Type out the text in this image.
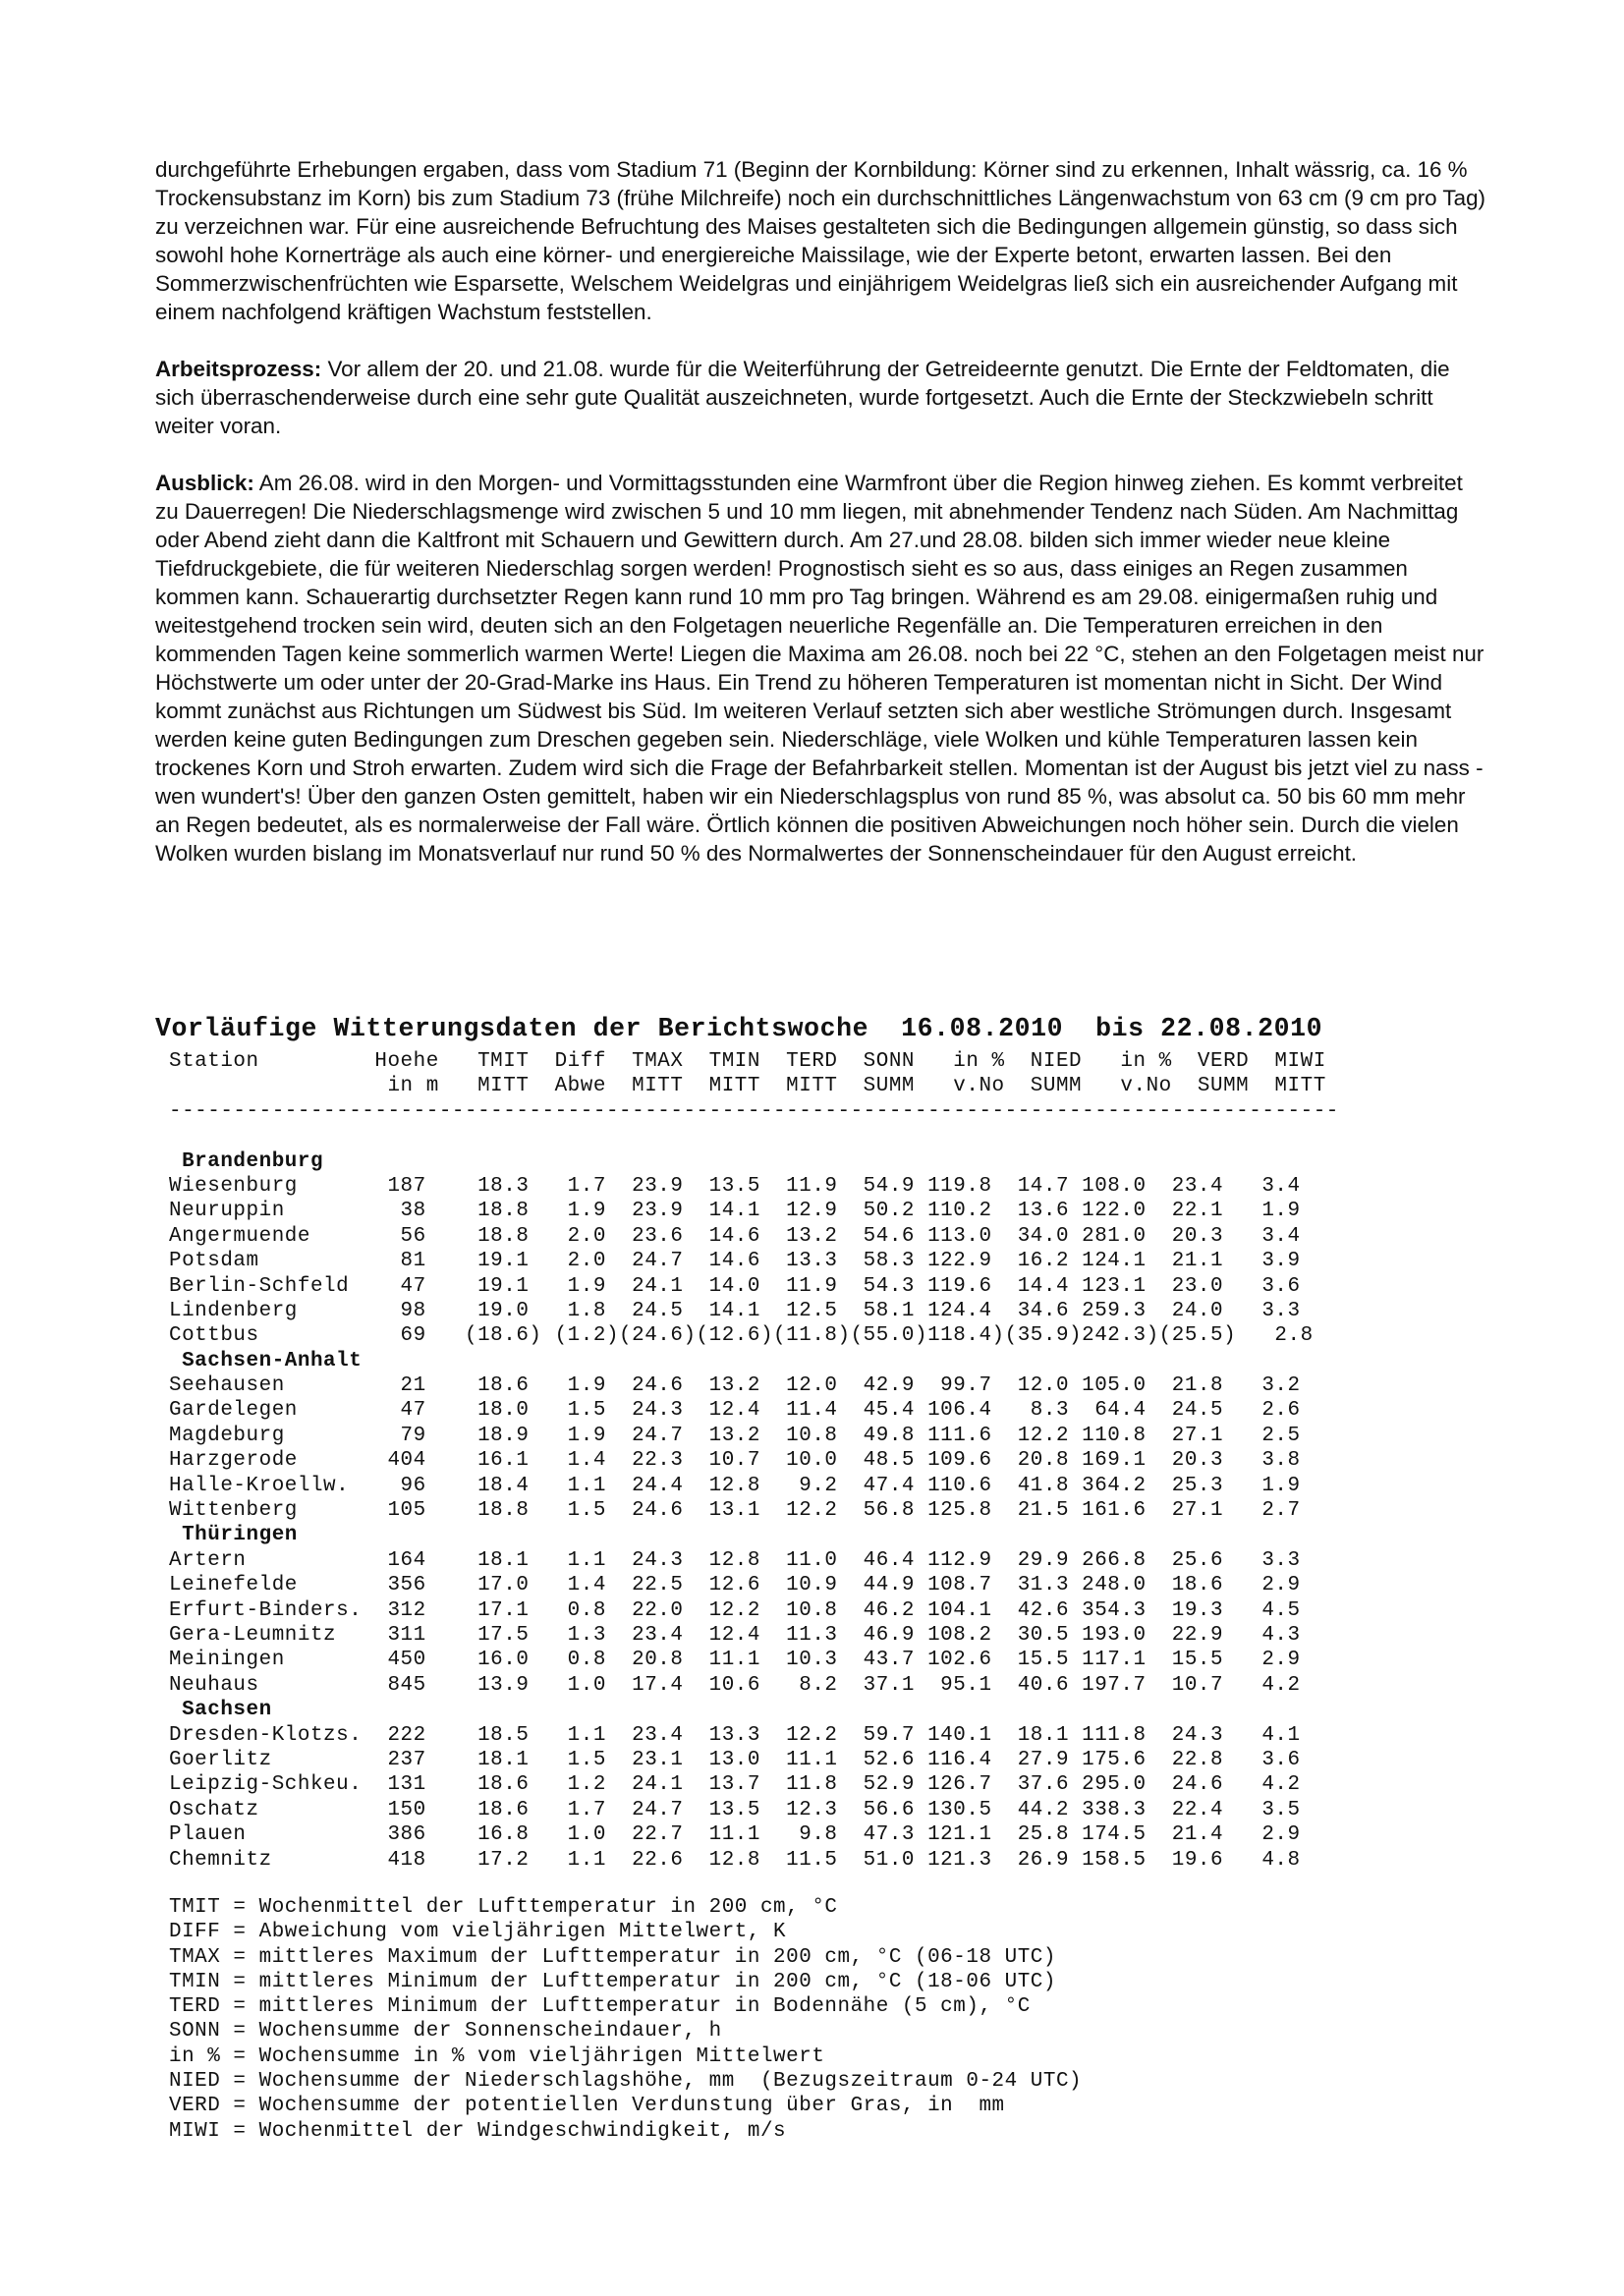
durchgeführte Erhebungen ergaben, dass vom Stadium 71 (Beginn der Kornbildung: Körner sind zu erkennen, Inhalt wässrig, ca. 16 % Trockensubstanz im Korn) bis zum Stadium 73 (frühe Milchreife) noch ein durchschnittliches Längenwachstum von 63 cm (9 cm pro Tag) zu verzeichnen war. Für eine ausreichende Befruchtung des Maises gestalteten sich die Bedingungen allgemein günstig, so dass sich sowohl hohe Kornerträge als auch eine körner- und energiereiche Maissilage, wie der Experte betont, erwarten lassen. Bei den Sommerzwischenfrüchten wie Esparsette, Welschem Weidelgras und einjährigem Weidelgras ließ sich ein ausreichender Aufgang mit einem nachfolgend kräftigen Wachstum feststellen.

Arbeitsprozess: Vor allem der 20. und 21.08. wurde für die Weiterführung der Getreideernte genutzt. Die Ernte der Feldtomaten, die sich überraschenderweise durch eine sehr gute Qualität auszeichneten, wurde fortgesetzt. Auch die Ernte der Steckzwiebeln schritt weiter voran.

Ausblick: Am 26.08. wird in den Morgen- und Vormittagsstunden eine Warmfront über die Region hinweg ziehen. Es kommt verbreitet zu Dauerregen! Die Niederschlagsmenge wird zwischen 5 und 10 mm liegen, mit abnehmender Tendenz nach Süden. Am Nachmittag oder Abend zieht dann die Kaltfront mit Schauern und Gewittern durch. Am 27.und 28.08. bilden sich immer wieder neue kleine Tiefdruckgebiete, die für weiteren Niederschlag sorgen werden! Prognostisch sieht es so aus, dass einiges an Regen zusammen kommen kann. Schauerartig durchsetzter Regen kann rund 10 mm pro Tag bringen. Während es am 29.08. einigermaßen ruhig und weitestgehend trocken sein wird, deuten sich an den Folgetagen neuerliche Regenfälle an. Die Temperaturen erreichen in den kommenden Tagen keine sommerlich warmen Werte! Liegen die Maxima am 26.08. noch bei 22 °C, stehen an den Folgetagen meist nur Höchstwerte um oder unter der 20-Grad-Marke ins Haus. Ein Trend zu höheren Temperaturen ist momentan nicht in Sicht. Der Wind kommt zunächst aus Richtungen um Südwest bis Süd. Im weiteren Verlauf setzten sich aber westliche Strömungen durch. Insgesamt werden keine guten Bedingungen zum Dreschen gegeben sein. Niederschläge, viele Wolken und kühle Temperaturen lassen kein trockenes Korn und Stroh erwarten. Zudem wird sich die Frage der Befahrbarkeit stellen. Momentan ist der August bis jetzt viel zu nass - wen wundert's! Über den ganzen Osten gemittelt, haben wir ein Niederschlagsplus von rund 85 %, was absolut ca. 50 bis 60 mm mehr an Regen bedeutet, als es normalerweise der Fall wäre. Örtlich können die positiven Abweichungen noch höher sein. Durch die vielen Wolken wurden bislang im Monatsverlauf nur rund 50 % des Normalwertes der Sonnenscheindauer für den August erreicht.

Vorläufige Witterungsdaten der Berichtswoche  16.08.2010  bis 22.08.2010
Station         Hoehe   TMIT  Diff  TMAX  TMIN  TERD  SONN   in %  NIED   in %  VERD  MIWI
in m   MITT  Abwe  MITT  MITT  MITT  SUMM   v.No  SUMM   v.No  SUMM  MITT
-------------------------------------------------------------------------------------------

Brandenburg
Wiesenburg       187    18.3   1.7  23.9  13.5  11.9  54.9 119.8  14.7 108.0  23.4   3.4
Neuruppin         38    18.8   1.9  23.9  14.1  12.9  50.2 110.2  13.6 122.0  22.1   1.9
Angermuende       56    18.8   2.0  23.6  14.6  13.2  54.6 113.0  34.0 281.0  20.3   3.4
Potsdam           81    19.1   2.0  24.7  14.6  13.3  58.3 122.9  16.2 124.1  21.1   3.9
Berlin-Schfeld    47    19.1   1.9  24.1  14.0  11.9  54.3 119.6  14.4 123.1  23.0   3.6
Lindenberg        98    19.0   1.8  24.5  14.1  12.5  58.1 124.4  34.6 259.3  24.0   3.3
Cottbus           69   (18.6) (1.2)(24.6)(12.6)(11.8)(55.0)118.4)(35.9)242.3)(25.5)   2.8
Sachsen-Anhalt
Seehausen         21    18.6   1.9  24.6  13.2  12.0  42.9  99.7  12.0 105.0  21.8   3.2
Gardelegen        47    18.0   1.5  24.3  12.4  11.4  45.4 106.4   8.3  64.4  24.5   2.6
Magdeburg         79    18.9   1.9  24.7  13.2  10.8  49.8 111.6  12.2 110.8  27.1   2.5
Harzgerode       404    16.1   1.4  22.3  10.7  10.0  48.5 109.6  20.8 169.1  20.3   3.8
Halle-Kroellw.    96    18.4   1.1  24.4  12.8   9.2  47.4 110.6  41.8 364.2  25.3   1.9
Wittenberg       105    18.8   1.5  24.6  13.1  12.2  56.8 125.8  21.5 161.6  27.1   2.7
Thüringen
Artern           164    18.1   1.1  24.3  12.8  11.0  46.4 112.9  29.9 266.8  25.6   3.3
Leinefelde       356    17.0   1.4  22.5  12.6  10.9  44.9 108.7  31.3 248.0  18.6   2.9
Erfurt-Binders.  312    17.1   0.8  22.0  12.2  10.8  46.2 104.1  42.6 354.3  19.3   4.5
Gera-Leumnitz    311    17.5   1.3  23.4  12.4  11.3  46.9 108.2  30.5 193.0  22.9   4.3
Meiningen        450    16.0   0.8  20.8  11.1  10.3  43.7 102.6  15.5 117.1  15.5   2.9
Neuhaus          845    13.9   1.0  17.4  10.6   8.2  37.1  95.1  40.6 197.7  10.7   4.2
Sachsen
Dresden-Klotzs.  222    18.5   1.1  23.4  13.3  12.2  59.7 140.1  18.1 111.8  24.3   4.1
Goerlitz         237    18.1   1.5  23.1  13.0  11.1  52.6 116.4  27.9 175.6  22.8   3.6
Leipzig-Schkeu.  131    18.6   1.2  24.1  13.7  11.8  52.9 126.7  37.6 295.0  24.6   4.2
Oschatz          150    18.6   1.7  24.7  13.5  12.3  56.6 130.5  44.2 338.3  22.4   3.5
Plauen           386    16.8   1.0  22.7  11.1   9.8  47.3 121.1  25.8 174.5  21.4   2.9
Chemnitz         418    17.2   1.1  22.6  12.8  11.5  51.0 121.3  26.9 158.5  19.6   4.8
TMIT = Wochenmittel der Lufttemperatur in 200 cm, °C
DIFF = Abweichung vom vieljährigen Mittelwert, K
TMAX = mittleres Maximum der Lufttemperatur in 200 cm, °C (06-18 UTC)
TMIN = mittleres Minimum der Lufttemperatur in 200 cm, °C (18-06 UTC)
TERD = mittleres Minimum der Lufttemperatur in Bodennähe (5 cm), °C
SONN = Wochensumme der Sonnenscheindauer, h
in % = Wochensumme in % vom vieljährigen Mittelwert
NIED = Wochensumme der Niederschlagshöhe, mm  (Bezugszeitraum 0-24 UTC)
VERD = Wochensumme der potentiellen Verdunstung über Gras, in  mm
MIWI = Wochenmittel der Windgeschwindigkeit, m/s
